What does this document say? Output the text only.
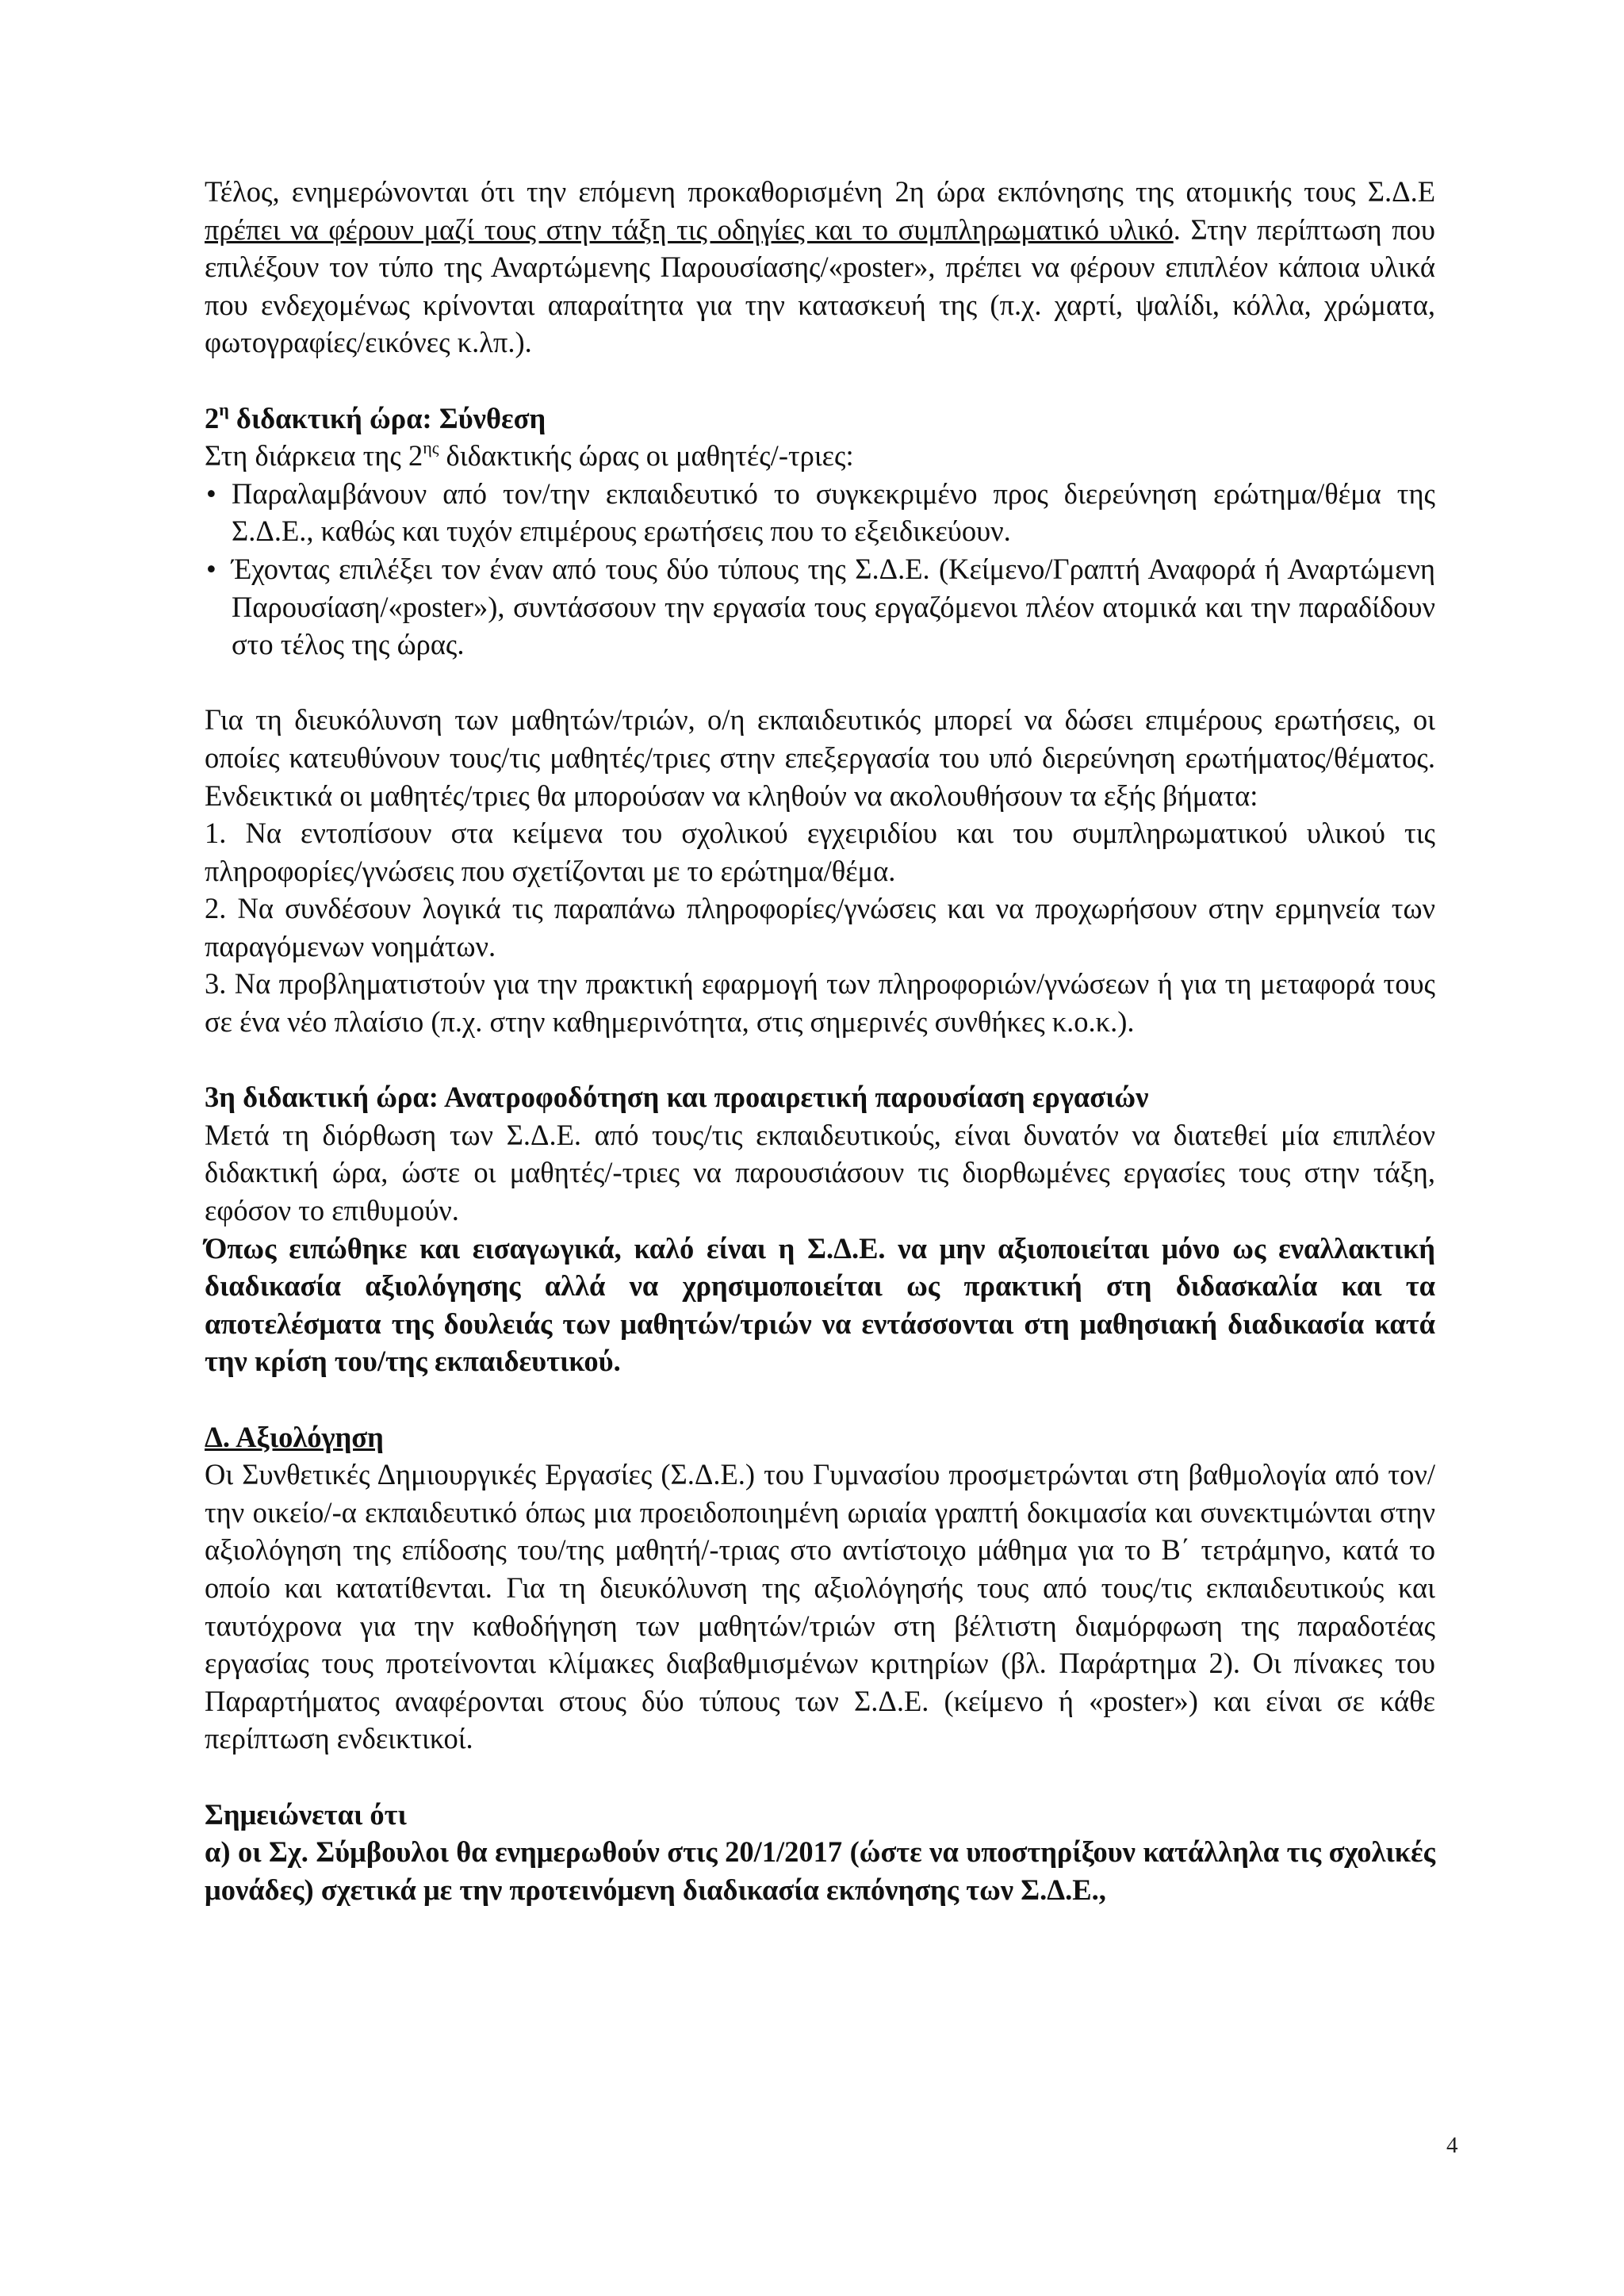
Τέλος, ενημερώνονται ότι την επόμενη προκαθορισμένη 2η ώρα εκπόνησης της ατομικής τους Σ.Δ.Ε πρέπει να φέρουν μαζί τους στην τάξη τις οδηγίες και το συμπληρωματικό υλικό. Στην περίπτωση που επιλέξουν τον τύπο της Αναρτώμενης Παρουσίασης/«poster», πρέπει να φέρουν επιπλέον κάποια υλικά που ενδεχομένως κρίνονται απαραίτητα για την κατασκευή της (π.χ. χαρτί, ψαλίδι, κόλλα, χρώματα, φωτογραφίες/εικόνες κ.λπ.).

$2^\eta$ διδακτική ώρα: Σύνθεση

Στη διάρκεια της $2^{\eta\varsigma}$ διδακτικής ώρας οι μαθητές/-τριες:

• Παραλαμβάνουν από τον/την εκπαιδευτικό το συγκεκριμένο προς διερεύνηση ερώτημα/θέμα της Σ.Δ.Ε., καθώς και τυχόν επιμέρους ερωτήσεις που το εξειδικεύουν.

• Έχοντας επιλέξει τον έναν από τους δύο τύπους της Σ.Δ.Ε. (Κείμενο/Γραπτή Αναφορά ή Αναρτώμενη Παρουσίαση/«poster»), συντάσσουν την εργασία τους εργαζόμενοι πλέον ατομικά και την παραδίδουν στο τέλος της ώρας.

Για τη διευκόλυνση των μαθητών/τριών, ο/η εκπαιδευτικός μπορεί να δώσει επιμέρους ερωτήσεις, οι οποίες κατευθύνουν τους/τις μαθητές/τριες στην επεξεργασία του υπό διερεύνηση ερωτήματος/θέματος. Ενδεικτικά οι μαθητές/τριες θα μπορούσαν να κληθούν να ακολουθήσουν τα εξής βήματα:

1. Να εντοπίσουν στα κείμενα του σχολικού εγχειριδίου και του συμπληρωματικού υλικού τις πληροφορίες/γνώσεις που σχετίζονται με το ερώτημα/θέμα.

2. Να συνδέσουν λογικά τις παραπάνω πληροφορίες/γνώσεις και να προχωρήσουν στην ερμηνεία των παραγόμενων νοημάτων.

3. Να προβληματιστούν για την πρακτική εφαρμογή των πληροφοριών/γνώσεων ή για τη μεταφορά τους σε ένα νέο πλαίσιο (π.χ. στην καθημερινότητα, στις σημερινές συνθήκες κ.ο.κ.).

3η διδακτική ώρα: Ανατροφοδότηση και προαιρετική παρουσίαση εργασιών

Μετά τη διόρθωση των Σ.Δ.Ε. από τους/τις εκπαιδευτικούς, είναι δυνατόν να διατεθεί μία επιπλέον διδακτική ώρα, ώστε οι μαθητές/-τριες να παρουσιάσουν τις διορθωμένες εργασίες τους στην τάξη, εφόσον το επιθυμούν.

Όπως ειπώθηκε και εισαγωγικά, καλό είναι η Σ.Δ.Ε. να μην αξιοποιείται μόνο ως εναλλακτική διαδικασία αξιολόγησης αλλά να χρησιμοποιείται ως πρακτική στη διδασκαλία και τα αποτελέσματα της δουλειάς των μαθητών/τριών να εντάσσονται στη μαθησιακή διαδικασία κατά την κρίση του/της εκπαιδευτικού.

Δ. Αξιολόγηση

Οι Συνθετικές Δημιουργικές Εργασίες (Σ.Δ.Ε.) του Γυμνασίου προσμετρώνται στη βαθμολογία από τον/την οικείο/-α εκπαιδευτικό όπως μια προειδοποιημένη ωριαία γραπτή δοκιμασία και συνεκτιμώνται στην αξιολόγηση της επίδοσης του/της μαθητή/-τριας στο αντίστοιχο μάθημα για το Β΄ τετράμηνο, κατά το οποίο και κατατίθενται. Για τη διευκόλυνση της αξιολόγησής τους από τους/τις εκπαιδευτικούς και ταυτόχρονα για την καθοδήγηση των μαθητών/τριών στη βέλτιστη διαμόρφωση της παραδοτέας εργασίας τους προτείνονται κλίμακες διαβαθμισμένων κριτηρίων (βλ. Παράρτημα 2). Οι πίνακες του Παραρτήματος αναφέρονται στους δύο τύπους των Σ.Δ.Ε. (κείμενο ή «poster») και είναι σε κάθε περίπτωση ενδεικτικοί.

Σημειώνεται ότι

α) οι Σχ. Σύμβουλοι θα ενημερωθούν στις 20/1/2017 (ώστε να υποστηρίξουν κατάλληλα τις σχολικές μονάδες) σχετικά με την προτεινόμενη διαδικασία εκπόνησης των Σ.Δ.Ε.,

4
